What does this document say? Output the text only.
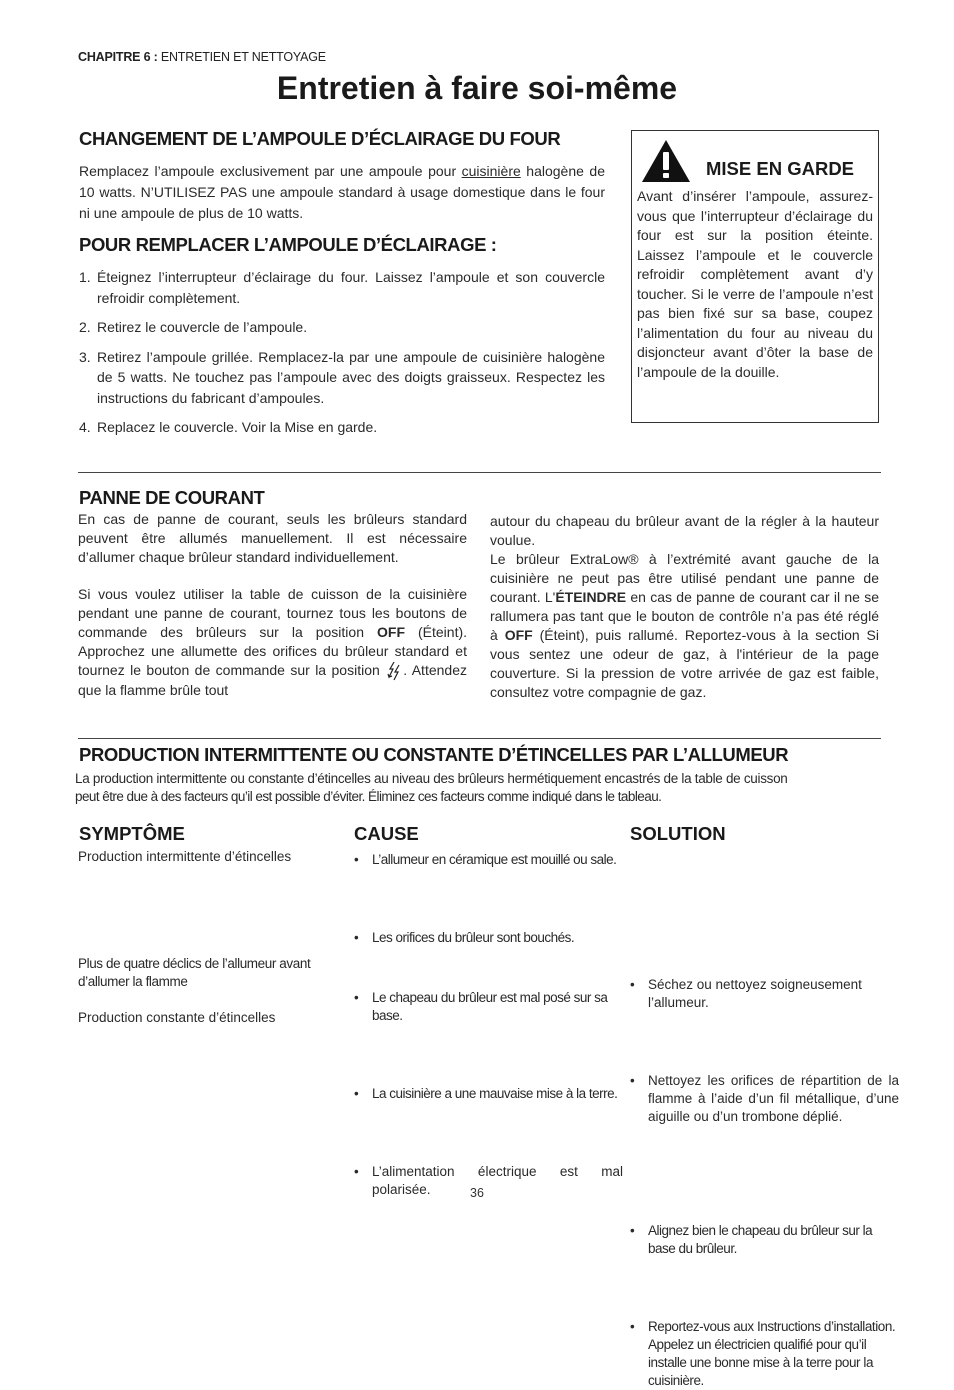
CHAPITRE 6 : ENTRETIEN ET NETTOYAGE
Entretien à faire soi-même
CHANGEMENT DE L’AMPOULE D’ÉCLAIRAGE DU FOUR
Remplacez l’ampoule exclusivement par une ampoule pour cuisinière halogène de 10 watts. N’UTILISEZ PAS une ampoule standard à usage domestique dans le four ni une ampoule de plus de 10 watts.
POUR REMPLACER L’AMPOULE D’ÉCLAIRAGE :
1. Éteignez l’interrupteur d’éclairage du four. Laissez l’ampoule et son couvercle refroidir complètement.
2. Retirez le couvercle de l’ampoule.
3. Retirez l’ampoule grillée. Remplacez-la par une ampoule de cuisinière halogène de 5 watts. Ne touchez pas l’ampoule avec des doigts graisseux. Respectez les instructions du fabricant d’ampoules.
4. Replacez le couvercle. Voir la Mise en garde.
MISE EN GARDE
Avant d’insérer l’ampoule, assurez-vous que l’interrupteur d’éclairage du four est sur la position éteinte. Laissez l’ampoule et le couvercle refroidir complètement avant d’y toucher. Si le verre de l’ampoule n’est pas bien fixé sur sa base, coupez l’alimentation du four au niveau du disjoncteur avant d’ôter la base de l’ampoule de la douille.
PANNE DE COURANT
En cas de panne de courant, seuls les brûleurs standard peuvent être allumés manuellement. Il est nécessaire d’allumer chaque brûleur standard individuellement.
Si vous voulez utiliser la table de cuisson de la cuisinière pendant une panne de courant, tournez tous les boutons de commande des brûleurs sur la position OFF (Éteint). Approchez une allumette des orifices du brûleur standard et tournez le bouton de commande sur la position . Attendez que la flamme brûle tout
autour du chapeau du brûleur avant de la régler à la hauteur voulue.
Le brûleur ExtraLow® à l’extrémité avant gauche de la cuisinière ne peut pas être utilisé pendant une panne de courant. L'ÉTEINDRE en cas de panne de courant car il ne se rallumera pas tant que le bouton de contrôle n’a pas été réglé à OFF (Éteint), puis rallumé. Reportez-vous à la section Si vous sentez une odeur de gaz, à l'intérieur de la page couverture. Si la pression de votre arrivée de gaz est faible, consultez votre compagnie de gaz.
PRODUCTION INTERMITTENTE OU CONSTANTE D’ÉTINCELLES PAR L’ALLUMEUR
La production intermittente ou constante d’étincelles au niveau des brûleurs hermétiquement encastrés de la table de cuisson
peut être due à des facteurs qu’il est possible d’éviter. Éliminez ces facteurs comme indiqué dans le tableau.
SYMPTÔME	CAUSE	SOLUTION
Production intermittente d’étincelles
Plus de quatre déclics de l’allumeur avant d’allumer la flamme
Production constante d’étincelles
• L’allumeur en céramique est mouillé ou sale.
• Les orifices du brûleur sont bouchés.
• Le chapeau du brûleur est mal posé sur sa base.
• La cuisinière a une mauvaise mise à la terre.
• L’alimentation électrique est mal polarisée.
• Séchez ou nettoyez soigneusement l’allumeur.
• Nettoyez les orifices de répartition de la flamme à l’aide d’un fil métallique, d’une aiguille ou d’un trombone déplié.
• Alignez bien le chapeau du brûleur sur la base du brûleur.
• Reportez-vous aux Instructions d’installation. Appelez un électricien qualifié pour qu’il installe une bonne mise à la terre pour la cuisinière.
36
